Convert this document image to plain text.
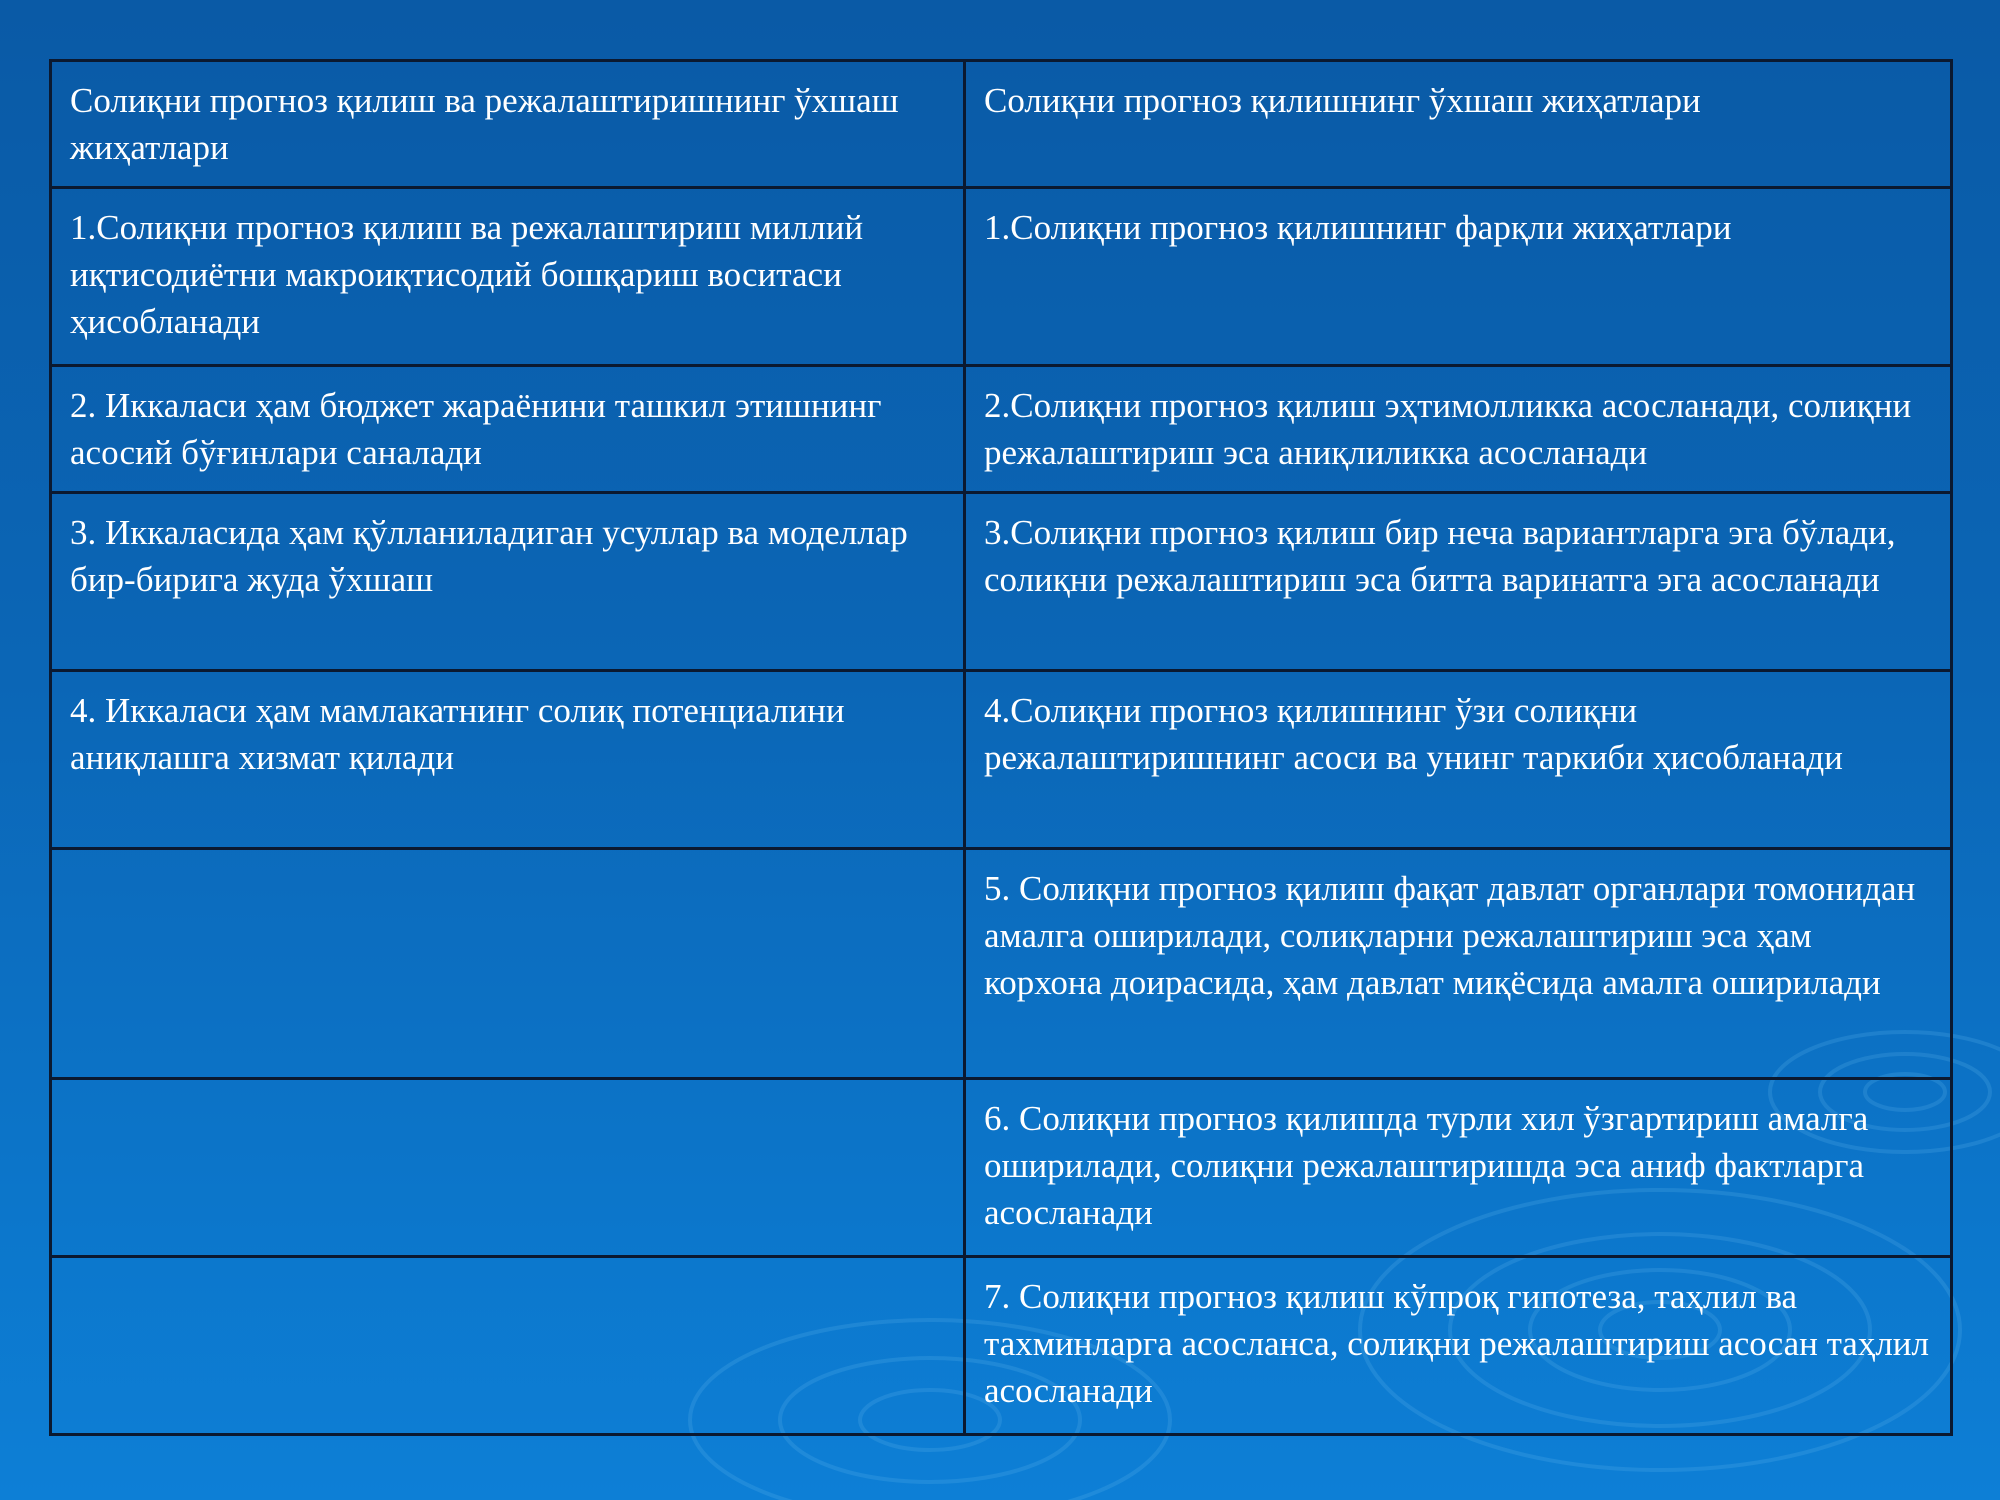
Солиқни прогноз қилиш ва режалаштиришнинг ўхшаш жиҳатлари	Солиқни прогноз қилишнинг ўхшаш жиҳатлари
1.Солиқни прогноз қилиш ва режалаштириш миллий иқтисодиётни макроиқтисодий бошқариш воситаси ҳисобланади	1.Солиқни прогноз қилишнинг фарқли жиҳатлари
2. Иккаласи ҳам бюджет жараёнини ташкил этишнинг асосий бўғинлари саналади	2.Солиқни прогноз қилиш эҳтимолликка асосланади, солиқни режалаштириш эса аниқлиликка асосланади
3. Иккаласида ҳам қўлланиладиган усуллар ва моделлар бир-бирига жуда ўхшаш	3.Солиқни прогноз қилиш бир неча вариантларга эга бўлади, солиқни режалаштириш эса битта варинатга эга асосланади
4. Иккаласи ҳам мамлакатнинг солиқ потенциалини аниқлашга хизмат қилади	4.Солиқни прогноз қилишнинг ўзи солиқни режалаштиришнинг асоси ва унинг таркиби ҳисобланади
	5. Солиқни прогноз қилиш фақат давлат органлари томонидан амалга оширилади, солиқларни режалаштириш эса ҳам корхона доирасида, ҳам давлат миқёсида амалга оширилади
	6. Солиқни прогноз қилишда турли хил ўзгартириш амалга оширилади, солиқни режалаштиришда эса аниф фактларга асосланади
	7. Солиқни прогноз қилиш кўпроқ гипотеза, таҳлил ва тахминларга асосланса, солиқни режалаштириш асосан таҳлил асосланади
